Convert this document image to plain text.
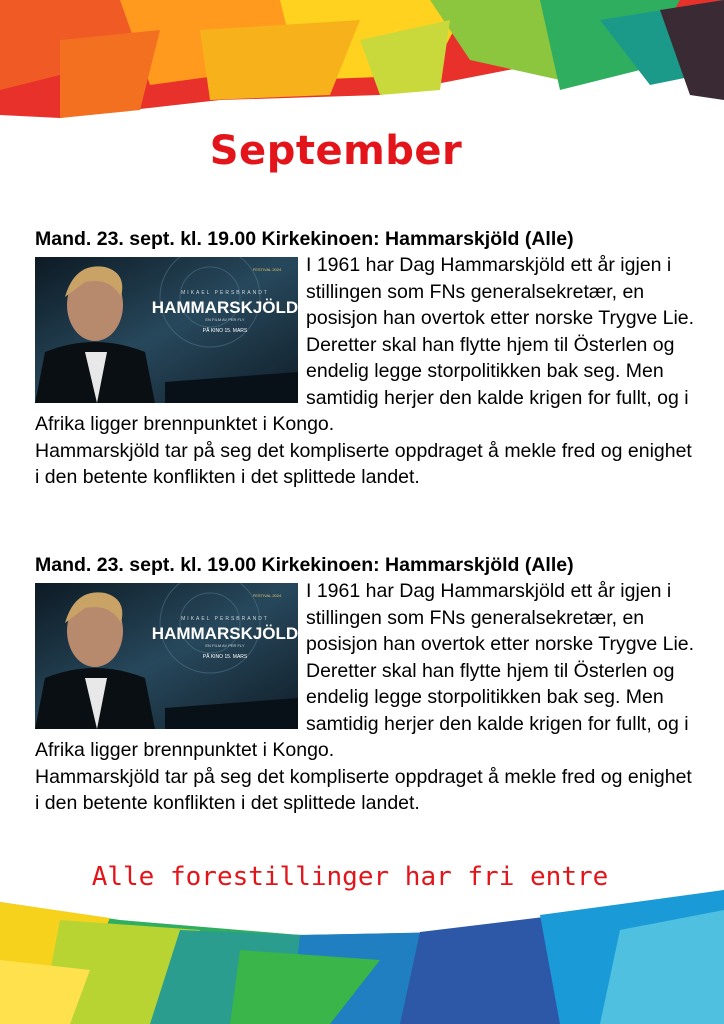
September
Mand. 23. sept. kl. 19.00 Kirkekinoen: Hammarskjöld (Alle)
MIKAEL PERSBRANDT
HAMMARSKJÖLD
EN FILM AV PER FLY
PÅ KINO 15. MARS
FESTIVAL 2024	I 1961 har Dag Hammarskjöld ett år igjen i stillingen som FNs generalsekretær, en posisjon han overtok etter norske Trygve Lie. Deretter skal han flytte hjem til Österlen og endelig legge storpolitikken bak seg. Men samtidig herjer den kalde krigen for fullt, og i Afrika ligger brennpunktet i Kongo.

Hammarskjöld tar på seg det kompliserte oppdraget å mekle fred og enighet i den betente konflikten i det splittede landet.

Mand. 23. sept. kl. 19.00 Kirkekinoen: Hammarskjöld (Alle)
MIKAEL PERSBRANDT
HAMMARSKJÖLD
EN FILM AV PER FLY
PÅ KINO 15. MARS
FESTIVAL 2024	I 1961 har Dag Hammarskjöld ett år igjen i stillingen som FNs generalsekretær, en posisjon han overtok etter norske Trygve Lie. Deretter skal han flytte hjem til Österlen og endelig legge storpolitikken bak seg. Men samtidig herjer den kalde krigen for fullt, og i Afrika ligger brennpunktet i Kongo.

Hammarskjöld tar på seg det kompliserte oppdraget å mekle fred og enighet i den betente konflikten i det splittede landet.

Alle forestillinger har fri entre
